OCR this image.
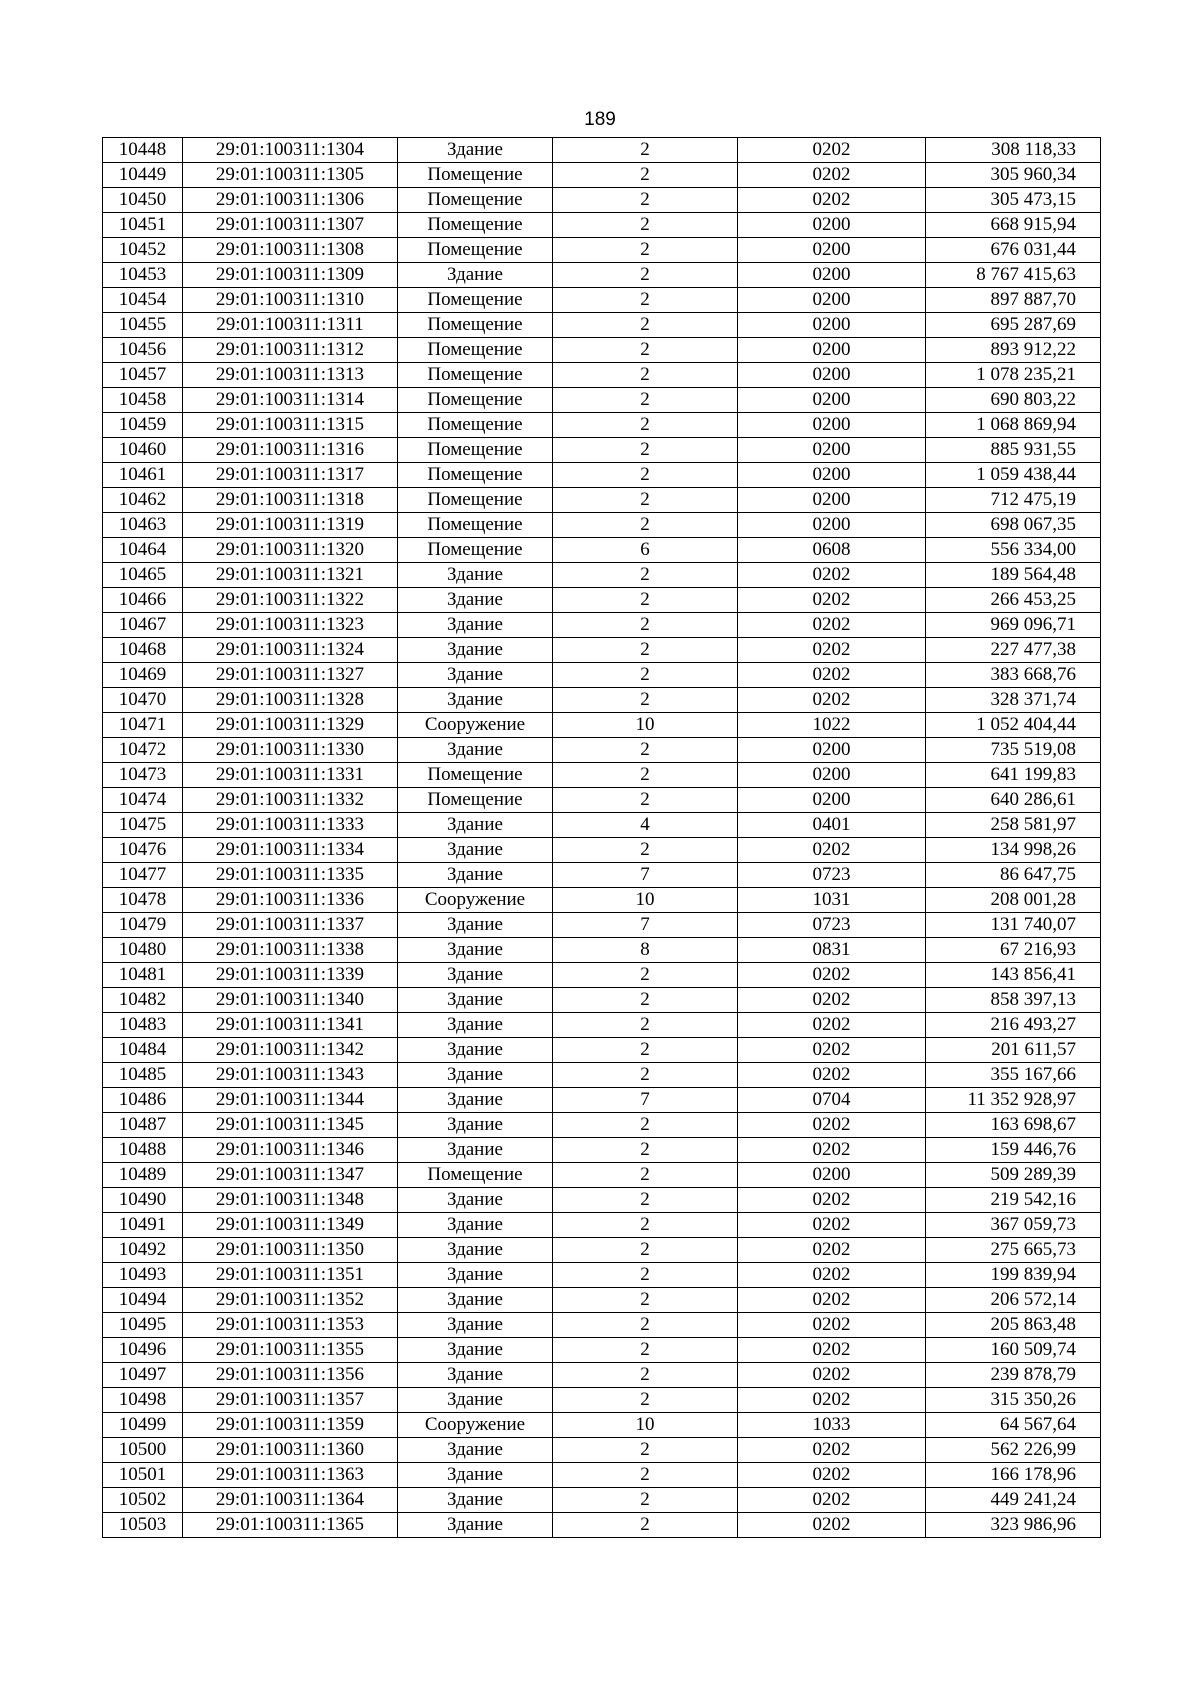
189
10448	29:01:100311:1304	Здание	2	0202	308 118,33
10449	29:01:100311:1305	Помещение	2	0202	305 960,34
10450	29:01:100311:1306	Помещение	2	0202	305 473,15
10451	29:01:100311:1307	Помещение	2	0200	668 915,94
10452	29:01:100311:1308	Помещение	2	0200	676 031,44
10453	29:01:100311:1309	Здание	2	0200	8 767 415,63
10454	29:01:100311:1310	Помещение	2	0200	897 887,70
10455	29:01:100311:1311	Помещение	2	0200	695 287,69
10456	29:01:100311:1312	Помещение	2	0200	893 912,22
10457	29:01:100311:1313	Помещение	2	0200	1 078 235,21
10458	29:01:100311:1314	Помещение	2	0200	690 803,22
10459	29:01:100311:1315	Помещение	2	0200	1 068 869,94
10460	29:01:100311:1316	Помещение	2	0200	885 931,55
10461	29:01:100311:1317	Помещение	2	0200	1 059 438,44
10462	29:01:100311:1318	Помещение	2	0200	712 475,19
10463	29:01:100311:1319	Помещение	2	0200	698 067,35
10464	29:01:100311:1320	Помещение	6	0608	556 334,00
10465	29:01:100311:1321	Здание	2	0202	189 564,48
10466	29:01:100311:1322	Здание	2	0202	266 453,25
10467	29:01:100311:1323	Здание	2	0202	969 096,71
10468	29:01:100311:1324	Здание	2	0202	227 477,38
10469	29:01:100311:1327	Здание	2	0202	383 668,76
10470	29:01:100311:1328	Здание	2	0202	328 371,74
10471	29:01:100311:1329	Сооружение	10	1022	1 052 404,44
10472	29:01:100311:1330	Здание	2	0200	735 519,08
10473	29:01:100311:1331	Помещение	2	0200	641 199,83
10474	29:01:100311:1332	Помещение	2	0200	640 286,61
10475	29:01:100311:1333	Здание	4	0401	258 581,97
10476	29:01:100311:1334	Здание	2	0202	134 998,26
10477	29:01:100311:1335	Здание	7	0723	86 647,75
10478	29:01:100311:1336	Сооружение	10	1031	208 001,28
10479	29:01:100311:1337	Здание	7	0723	131 740,07
10480	29:01:100311:1338	Здание	8	0831	67 216,93
10481	29:01:100311:1339	Здание	2	0202	143 856,41
10482	29:01:100311:1340	Здание	2	0202	858 397,13
10483	29:01:100311:1341	Здание	2	0202	216 493,27
10484	29:01:100311:1342	Здание	2	0202	201 611,57
10485	29:01:100311:1343	Здание	2	0202	355 167,66
10486	29:01:100311:1344	Здание	7	0704	11 352 928,97
10487	29:01:100311:1345	Здание	2	0202	163 698,67
10488	29:01:100311:1346	Здание	2	0202	159 446,76
10489	29:01:100311:1347	Помещение	2	0200	509 289,39
10490	29:01:100311:1348	Здание	2	0202	219 542,16
10491	29:01:100311:1349	Здание	2	0202	367 059,73
10492	29:01:100311:1350	Здание	2	0202	275 665,73
10493	29:01:100311:1351	Здание	2	0202	199 839,94
10494	29:01:100311:1352	Здание	2	0202	206 572,14
10495	29:01:100311:1353	Здание	2	0202	205 863,48
10496	29:01:100311:1355	Здание	2	0202	160 509,74
10497	29:01:100311:1356	Здание	2	0202	239 878,79
10498	29:01:100311:1357	Здание	2	0202	315 350,26
10499	29:01:100311:1359	Сооружение	10	1033	64 567,64
10500	29:01:100311:1360	Здание	2	0202	562 226,99
10501	29:01:100311:1363	Здание	2	0202	166 178,96
10502	29:01:100311:1364	Здание	2	0202	449 241,24
10503	29:01:100311:1365	Здание	2	0202	323 986,96
